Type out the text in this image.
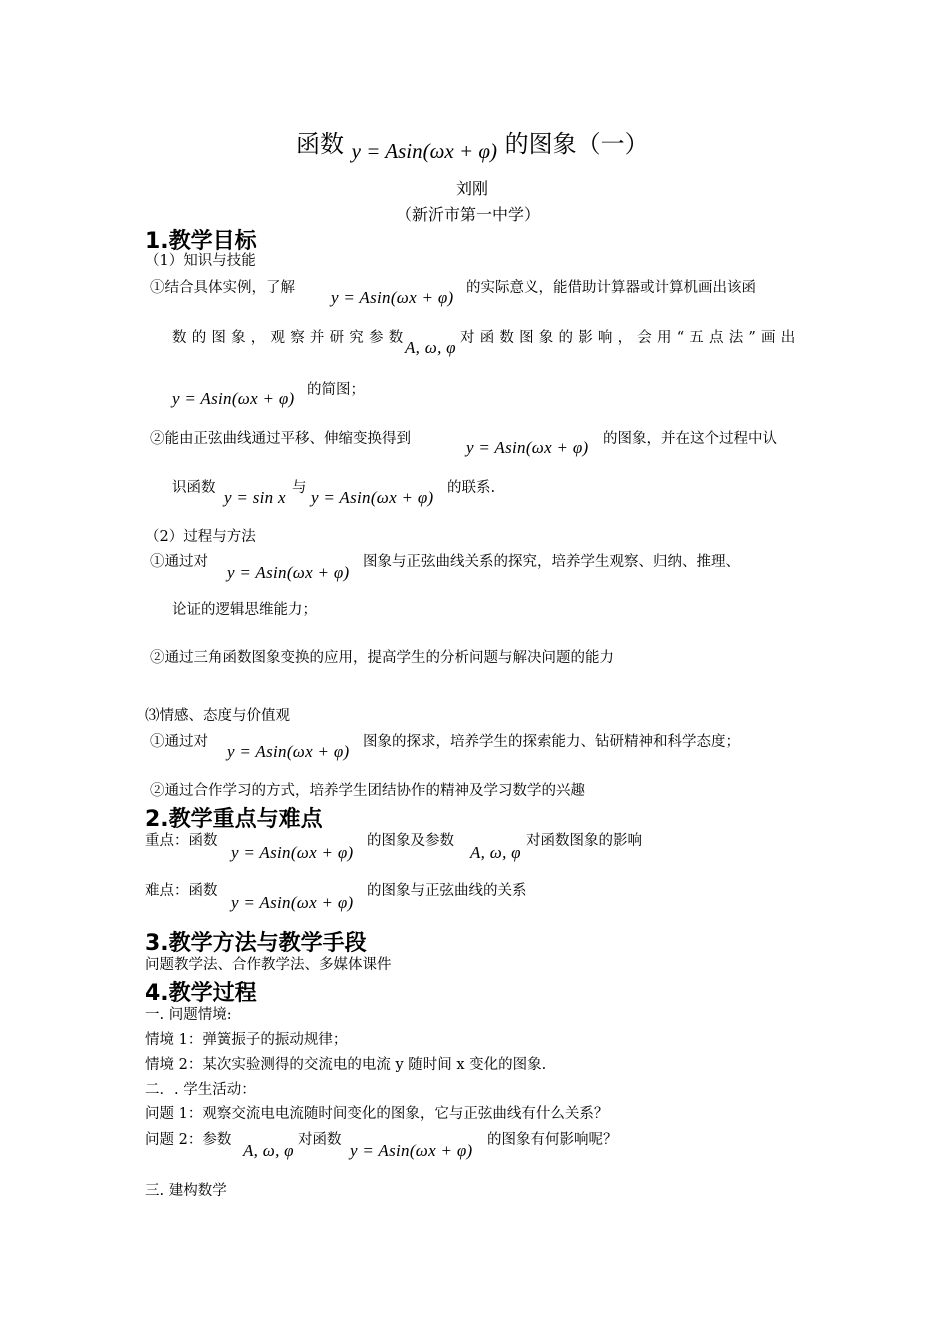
函数 y = Asin(ωx + φ) 的图象（一）
刘刚
（新沂市第一中学）
1.教学目标
（1）知识与技能
①结合具体实例，了解 y = Asin(ωx + φ) 的实际意义，能借助计算器或计算机画出该函
数的图象，观察并研究参数
A, ω, φ 对函数图象的影响，会用“五点法”画出
y = Asin(ωx + φ) 的简图；
②能由正弦曲线通过平移、伸缩变换得到	y = Asin(ωx + φ) 的图象，并在这个过程中认
识函数 y = sin x 与 y = Asin(ωx + φ) 的联系.
（2）过程与方法
①通过对
y = Asin(ωx + φ)
图象与正弦曲线关系的探究，培养学生观察、归纳、推理、
论证的逻辑思维能力；
②通过三角函数图象变换的应用，提高学生的分析问题与解决问题的能力
⑶情感、态度与价值观
①通过对 y = Asin(ωx + φ) 图象的探求，培养学生的探索能力、钻研精神和科学态度；
②通过合作学习的方式，培养学生团结协作的精神及学习数学的兴趣
2.教学重点与难点
重点：函数
y = Asin(ωx + φ)
的图象及参数
A, ω, φ
对函数图象的影响
难点：函数
y = Asin(ωx + φ)
的图象与正弦曲线的关系
3.教学方法与教学手段
问题教学法、合作教学法、多媒体课件
4.教学过程
一. 问题情境:
情境 1：弹簧振子的振动规律；
情境 2：某次实验测得的交流电的电流 y 随时间 x 变化的图象.
二．. 学生活动：
问题 1：观察交流电电流随时间变化的图象，它与正弦曲线有什么关系？
问题 2：参数
A, ω, φ
对函数
y = Asin(ωx + φ)
的图象有何影响呢？
三. 建构数学
